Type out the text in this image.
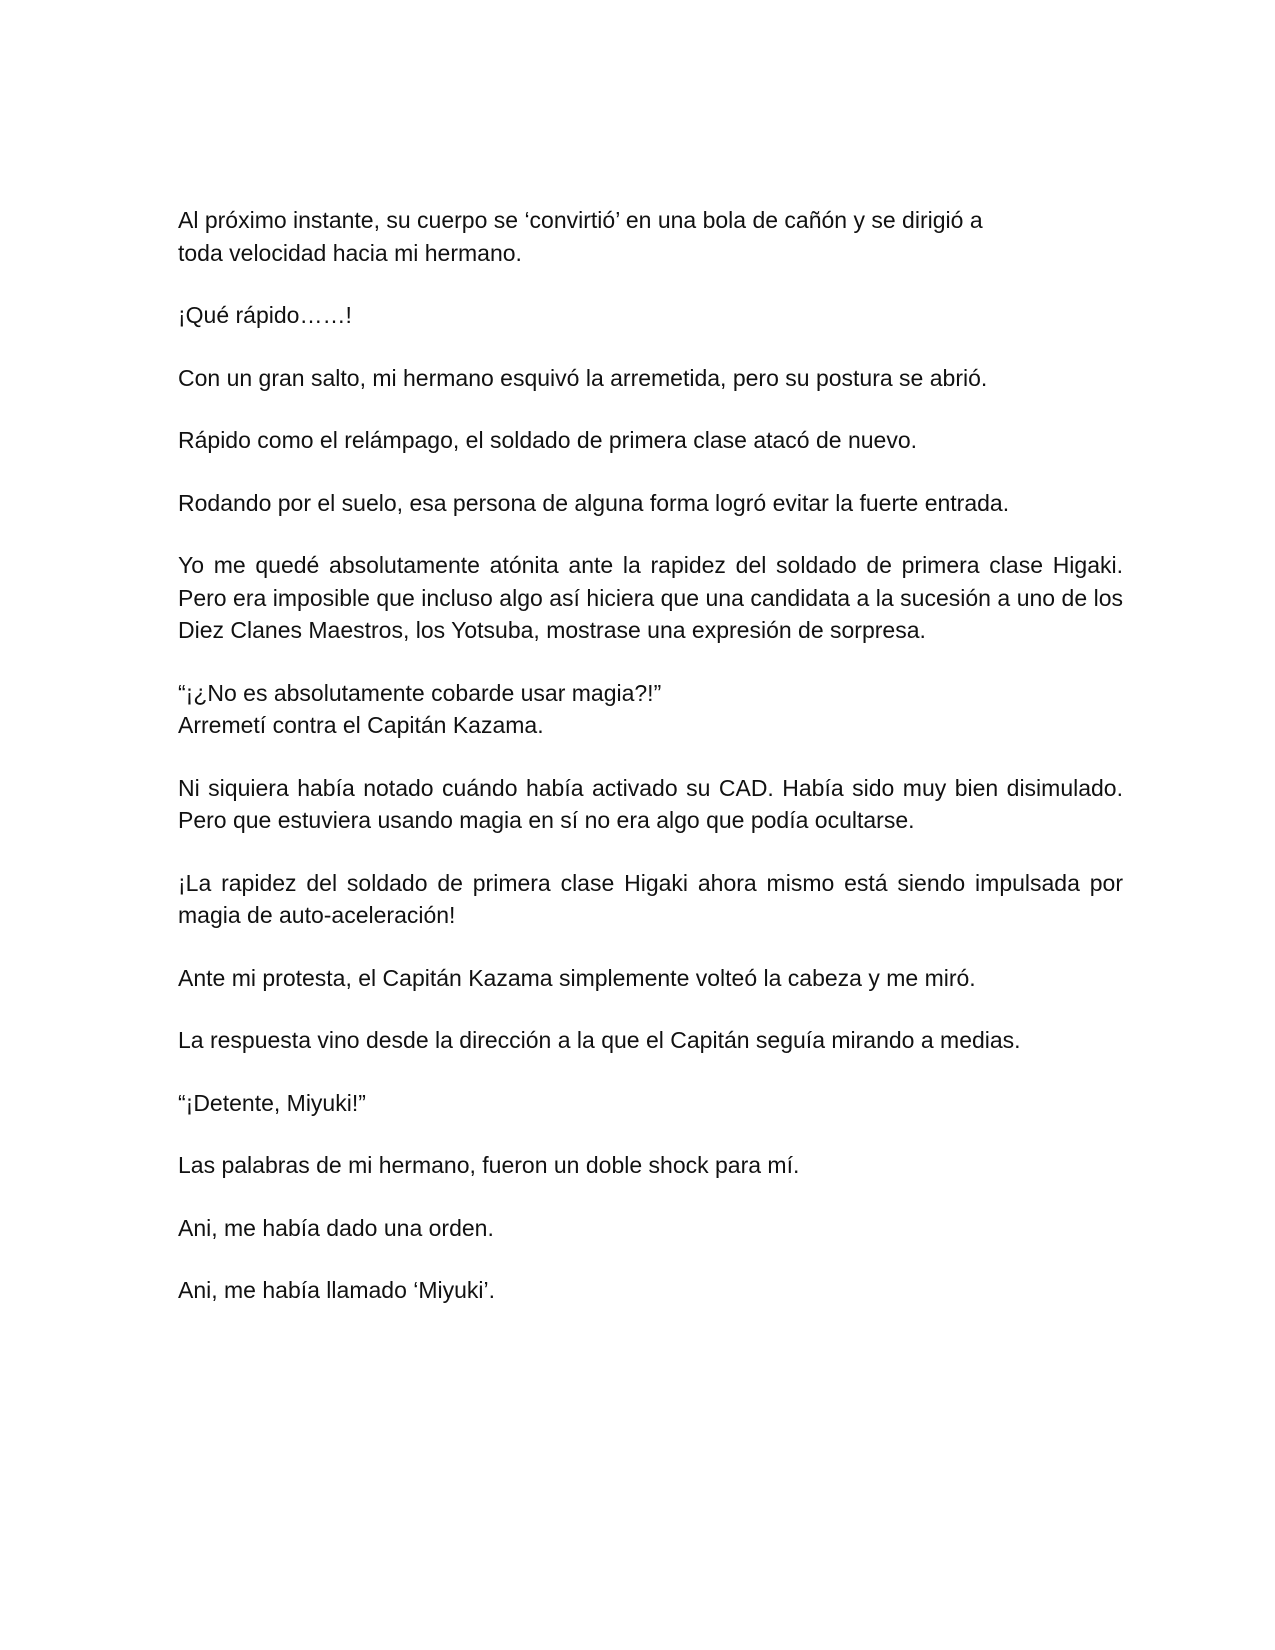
Al próximo instante, su cuerpo se ‘convirtió’ en una bola de cañón y se dirigió a
toda velocidad hacia mi hermano.

¡Qué rápido……!

Con un gran salto, mi hermano esquivó la arremetida, pero su postura se abrió.

Rápido como el relámpago, el soldado de primera clase atacó de nuevo.

Rodando por el suelo, esa persona de alguna forma logró evitar la fuerte entrada.

Yo me quedé absolutamente atónita ante la rapidez del soldado de primera clase Higaki. Pero era imposible que incluso algo así hiciera que una candidata a la sucesión a uno de los Diez Clanes Maestros, los Yotsuba, mostrase una expresión de sorpresa.

“¡¿No es absolutamente cobarde usar magia?!”
Arremetí contra el Capitán Kazama.

Ni siquiera había notado cuándo había activado su CAD. Había sido muy bien disimulado. Pero que estuviera usando magia en sí no era algo que podía ocultarse.

¡La rapidez del soldado de primera clase Higaki ahora mismo está siendo impulsada por magia de auto-aceleración!

Ante mi protesta, el Capitán Kazama simplemente volteó la cabeza y me miró.

La respuesta vino desde la dirección a la que el Capitán seguía mirando a medias.

“¡Detente, Miyuki!”

Las palabras de mi hermano, fueron un doble shock para mí.

Ani, me había dado una orden.

Ani, me había llamado ‘Miyuki’.
